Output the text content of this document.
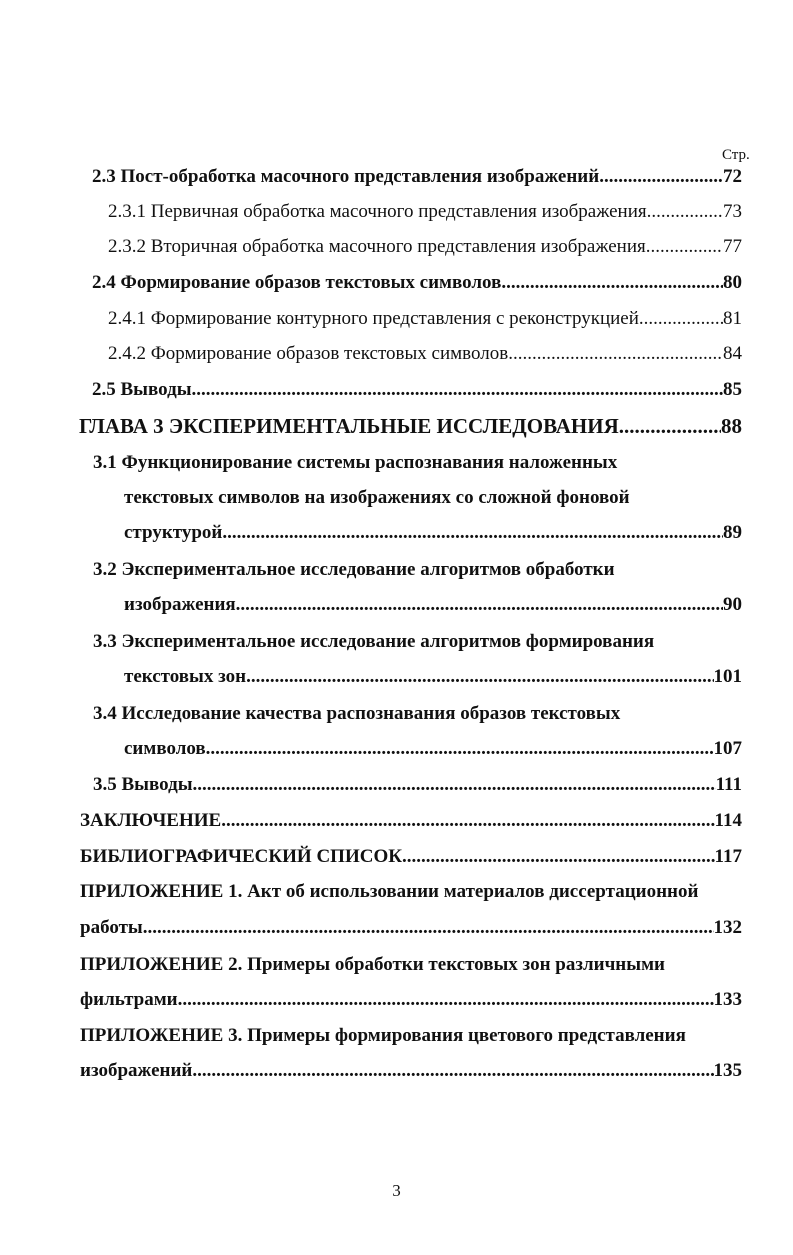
Стр.
2.3 Пост-обработка масочного представления изображений .....	72
2.3.1 Первичная обработка масочного представления изображения .....	73
2.3.2 Вторичная обработка масочного представления изображения .....	77
2.4 Формирование образов текстовых символов .....	80
2.4.1 Формирование контурного представления с реконструкцией .....	81
2.4.2 Формирование образов текстовых символов .....	84
2.5 Выводы .....	85
ГЛАВА 3 ЭКСПЕРИМЕНТАЛЬНЫЕ ИССЛЕДОВАНИЯ .....	88
3.1 Функционирование системы распознавания наложенных
текстовых символов на изображениях со сложной фоновой
структурой .....	89
3.2 Экспериментальное исследование алгоритмов обработки
изображения .....	90
3.3 Экспериментальное исследование алгоритмов формирования
текстовых зон .....	101
3.4 Исследование качества распознавания образов текстовых
символов .....	107
3.5 Выводы .....	111
ЗАКЛЮЧЕНИЕ .....	114
БИБЛИОГРАФИЧЕСКИЙ СПИСОК .....	117
ПРИЛОЖЕНИЕ 1. Акт об использовании материалов диссертационной
работы .....	132
ПРИЛОЖЕНИЕ 2. Примеры обработки текстовых зон различными
фильтрами .....	133
ПРИЛОЖЕНИЕ 3. Примеры формирования цветового представления
изображений .....	135
3
